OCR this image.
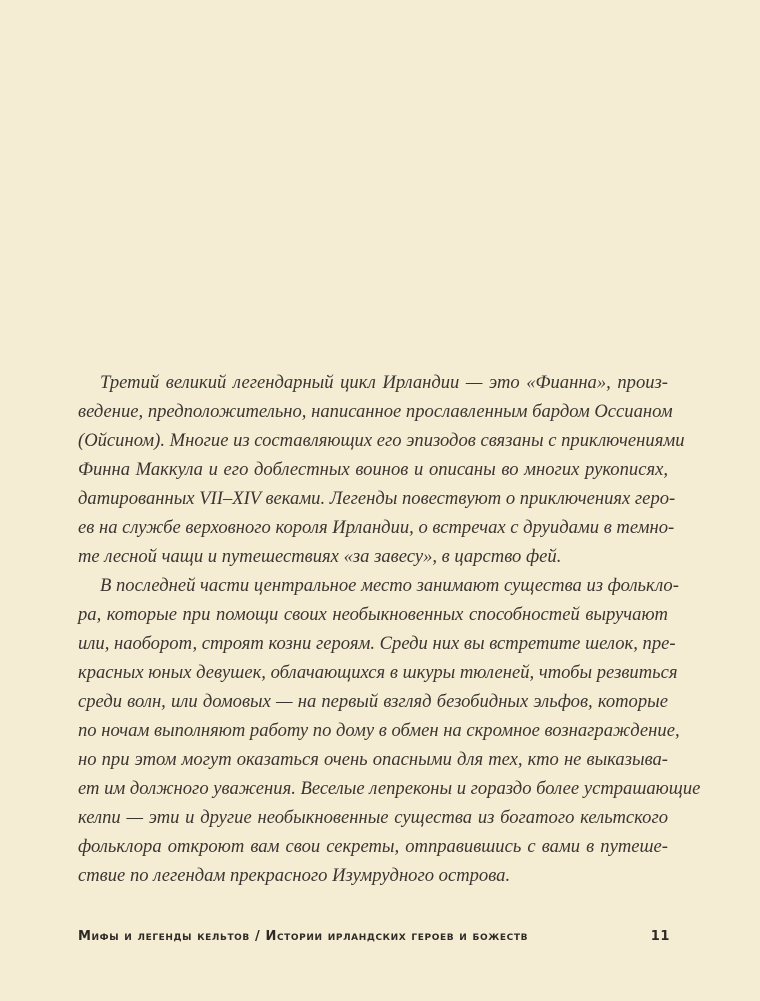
Третий великий легендарный цикл Ирландии — это «Фианна», произ-
ведение, предположительно, написанное прославленным бардом Оссианом
(Ойсином). Многие из составляющих его эпизодов связаны с приключениями
Финна Маккула и его доблестных воинов и описаны во многих рукописях,
датированных VII–XIV веками. Легенды повествуют о приключениях геро-
ев на службе верховного короля Ирландии, о встречах с друидами в темно-
те лесной чащи и путешествиях «за завесу», в царство фей.
В последней части центральное место занимают существа из фолькло-
ра, которые при помощи своих необыкновенных способностей выручают
или, наоборот, строят козни героям. Среди них вы встретите шелок, пре-
красных юных девушек, облачающихся в шкуры тюленей, чтобы резвиться
среди волн, или домовых — на первый взгляд безобидных эльфов, которые
по ночам выполняют работу по дому в обмен на скромное вознаграждение,
но при этом могут оказаться очень опасными для тех, кто не выказыва-
ет им должного уважения. Веселые лепреконы и гораздо более устрашающие
келпи — эти и другие необыкновенные существа из богатого кельтского
фольклора откроют вам свои секреты, отправившись с вами в путеше-
ствие по легендам прекрасного Изумрудного острова.
Мифы и легенды кельтов / Истории ирландских героев и божеств	11
